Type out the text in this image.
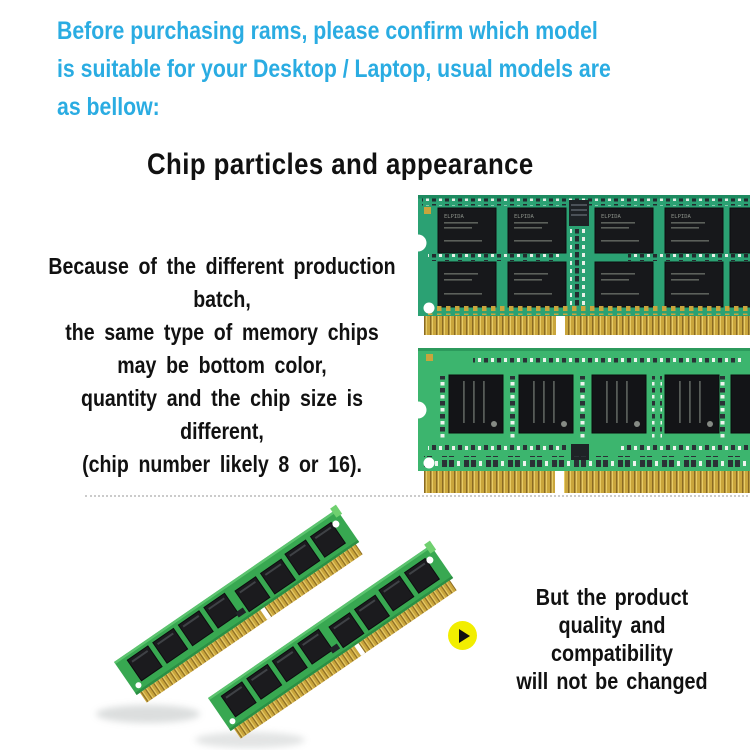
Before purchasing rams, please confirm which model
is suitable for your Desktop / Laptop, usual models are
as bellow:
Chip particles and appearance
Because of the different production batch,
the same type of memory chips
may be bottom color,
quantity and the chip size is different,
(chip number likely 8 or 16).
ELPIDA	ELPIDA	ELPIDA	ELPIDA
But the product
quality and compatibility
will not be changed
